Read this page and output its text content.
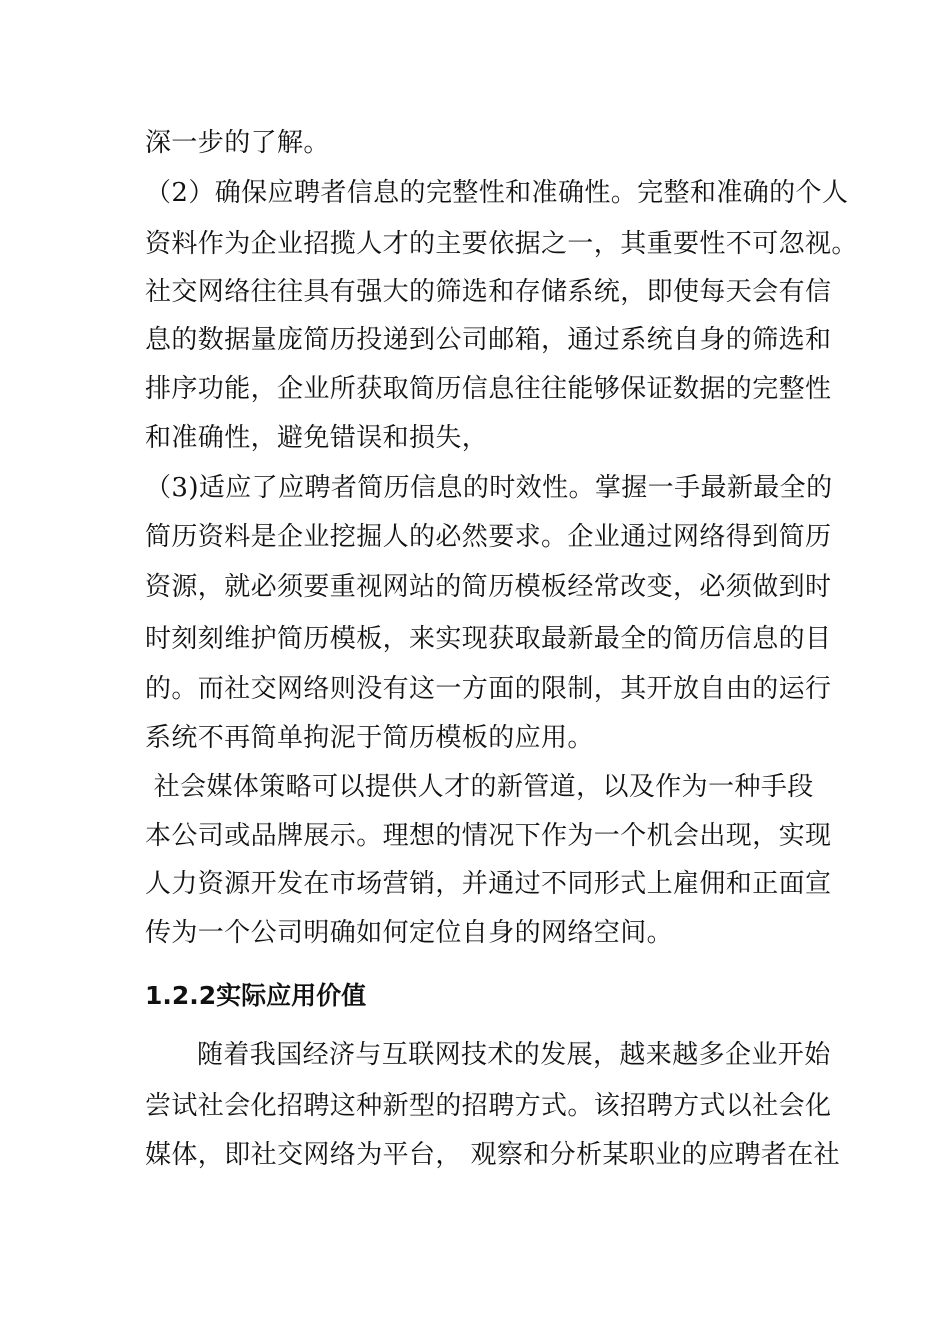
深一步的了解。
（2）确保应聘者信息的完整性和准确性。完整和准确的个人
资料作为企业招揽人才的主要依据之一，其重要性不可忽视。
社交网络往往具有强大的筛选和存储系统，即使每天会有信
息的数据量庞简历投递到公司邮箱，通过系统自身的筛选和
排序功能，企业所获取简历信息往往能够保证数据的完整性
和准确性，避免错误和损失，
（3)适应了应聘者简历信息的时效性。掌握一手最新最全的
简历资料是企业挖掘人的必然要求。企业通过网络得到简历
资源，就必须要重视网站的简历模板经常改变，必须做到时
时刻刻维护简历模板，来实现获取最新最全的简历信息的目
的。而社交网络则没有这一方面的限制，其开放自由的运行
系统不再简单拘泥于简历模板的应用。
社会媒体策略可以提供人才的新管道，以及作为一种手段
本公司或品牌展示。理想的情况下作为一个机会出现，实现
人力资源开发在市场营销，并通过不同形式上雇佣和正面宣
传为一个公司明确如何定位自身的网络空间。
1.2.2实际应用价值
随着我国经济与互联网技术的发展，越来越多企业开始
尝试社会化招聘这种新型的招聘方式。该招聘方式以社会化
媒体，即社交网络为平台， 观察和分析某职业的应聘者在社
